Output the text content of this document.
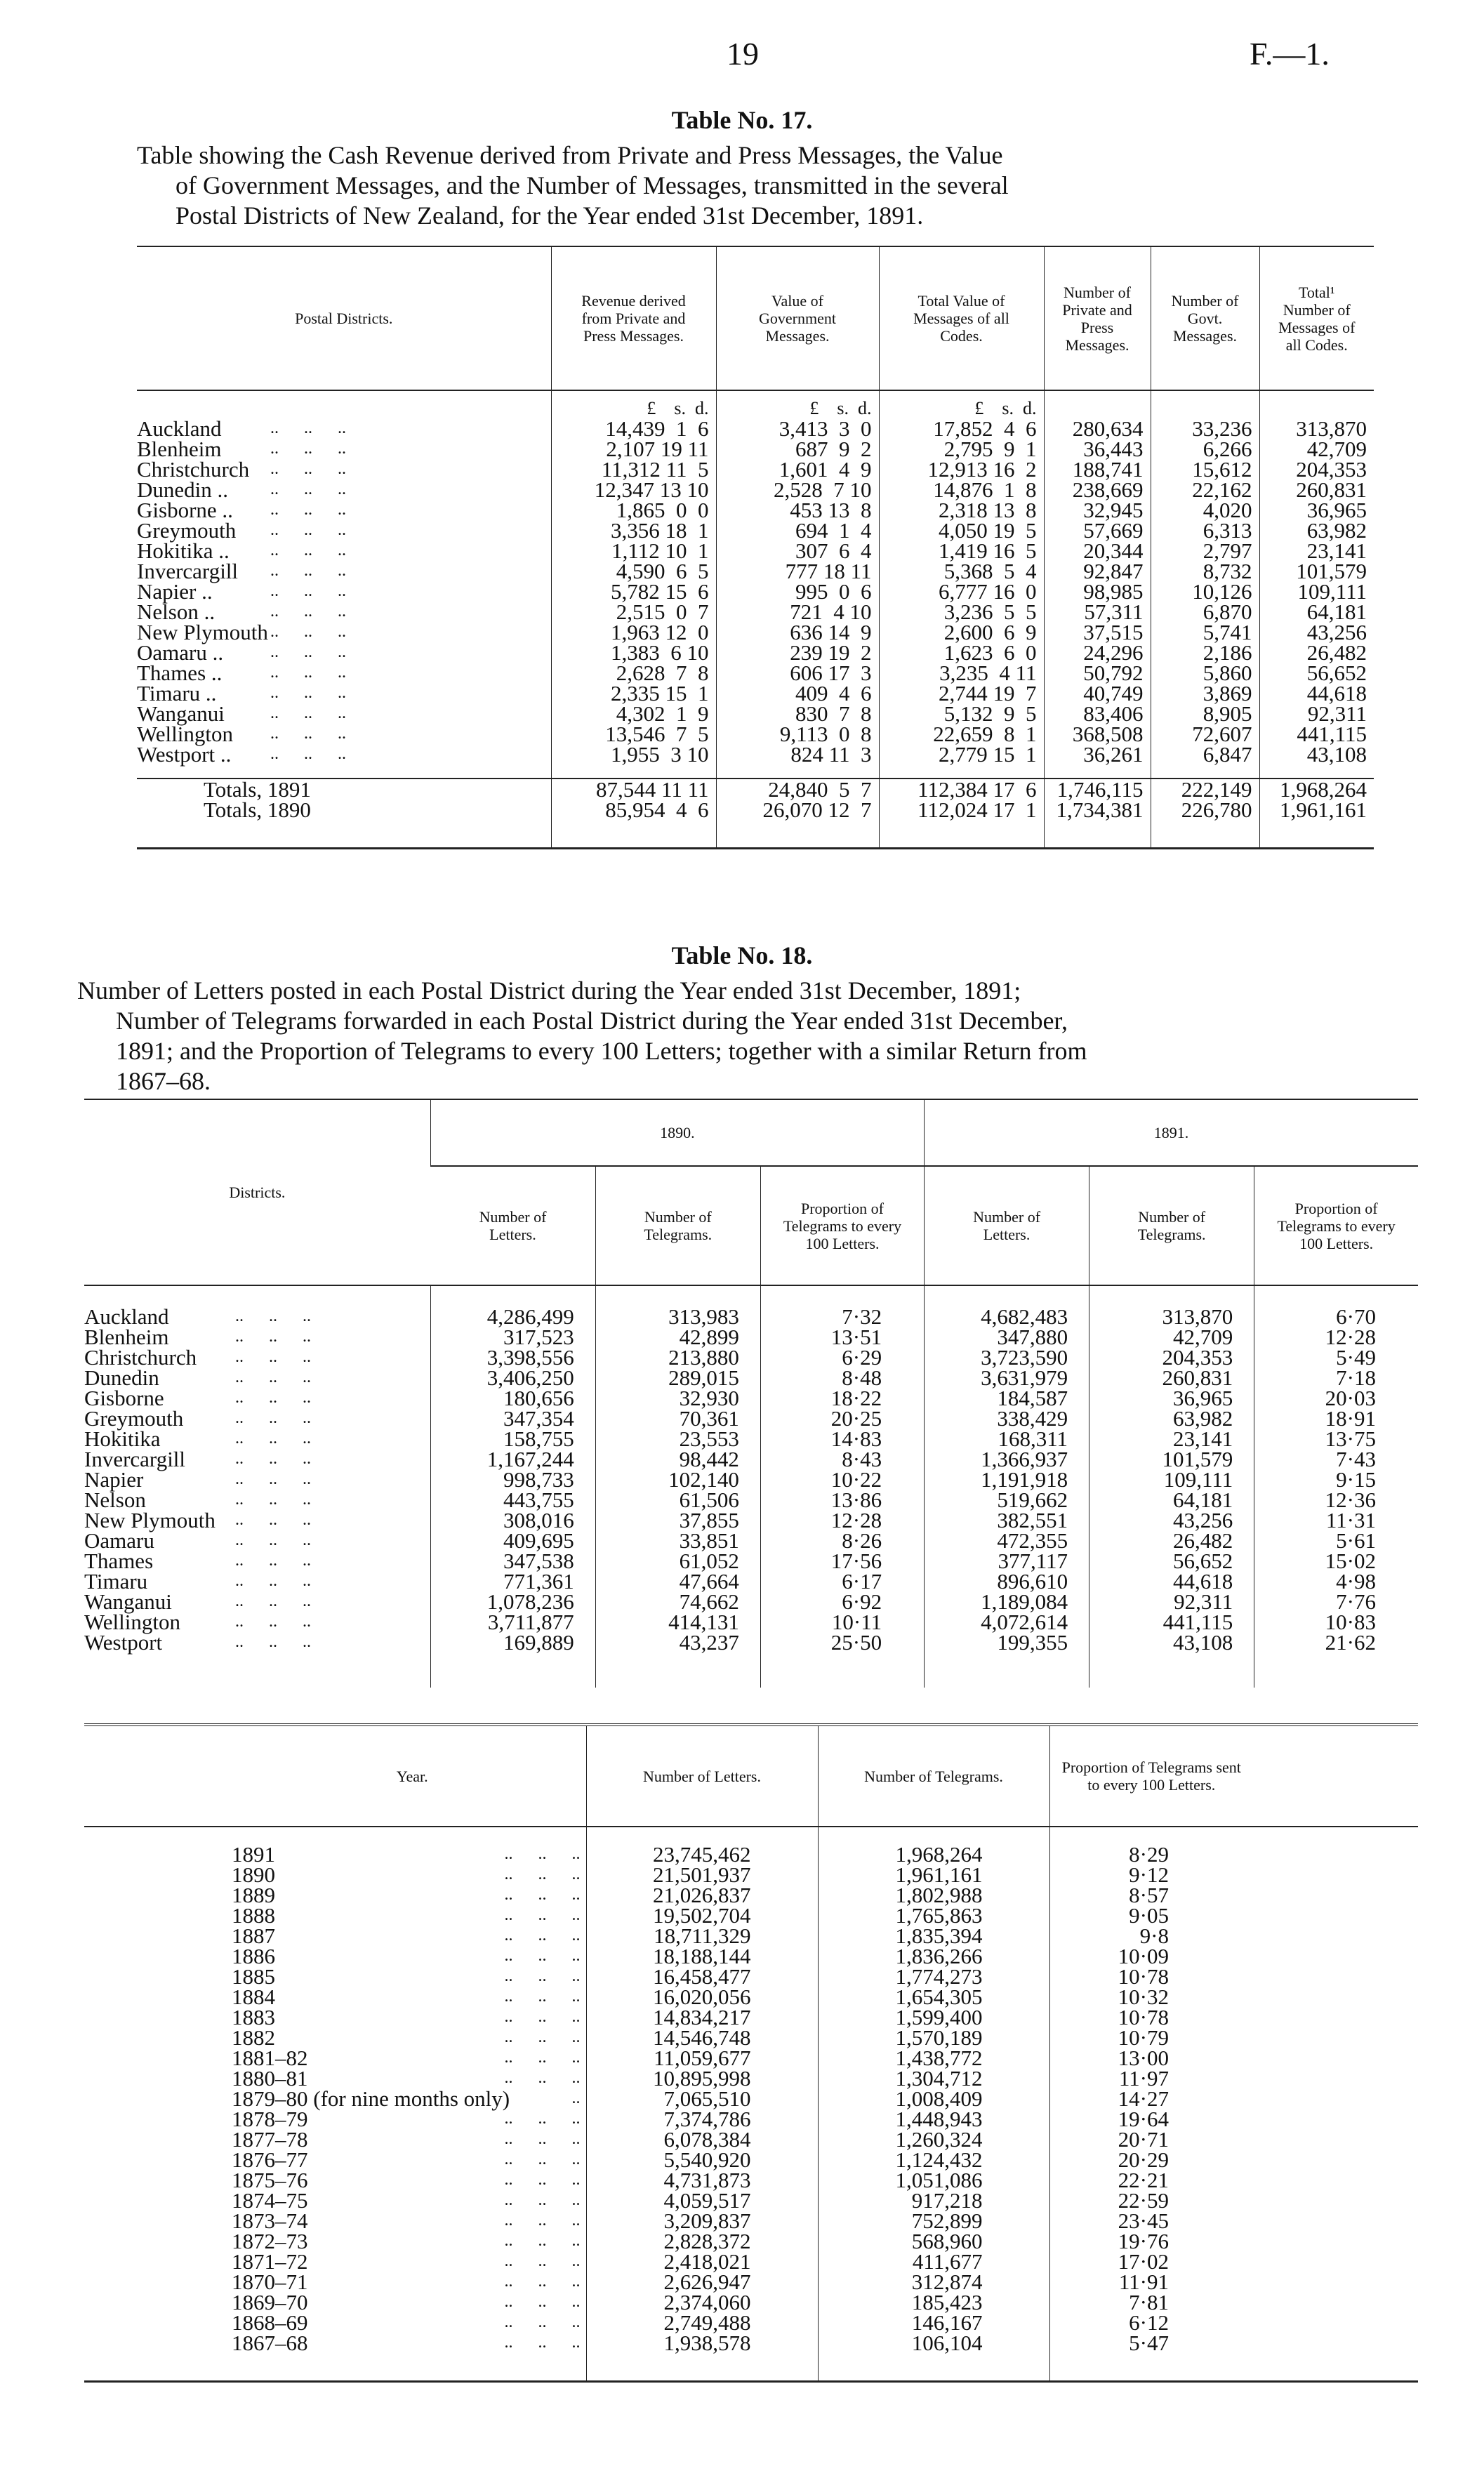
19	F.—1.
Table No. 17.
Table showing the Cash Revenue derived from Private and Press Messages, the Value
of Government Messages, and the Number of Messages, transmitted in the several
Postal Districts of New Zealand, for the Year ended 31st December, 1891.
Postal Districts.	Revenue derived from Private and Press Messages.	Value of Government Messages.	Total Value of Messages of all Codes.	Number of Private and Press Messages.	Number of Govt. Messages.	Total¹ Number of Messages of all Codes.
	£    s.  d.	£    s.  d.	£    s.  d.			
Auckland ..      ..      ..	14,439  1  6	3,413  3  0	17,852  4  6	280,634	33,236	313,870
Blenheim ..      ..      ..	2,107 19 11	687  9  2	2,795  9  1	36,443	6,266	42,709
Christchurch ..      ..      ..	11,312 11  5	1,601  4  9	12,913 16  2	188,741	15,612	204,353
Dunedin .. ..      ..      ..	12,347 13 10	2,528  7 10	14,876  1  8	238,669	22,162	260,831
Gisborne .. ..      ..      ..	1,865  0  0	453 13  8	2,318 13  8	32,945	4,020	36,965
Greymouth ..      ..      ..	3,356 18  1	694  1  4	4,050 19  5	57,669	6,313	63,982
Hokitika .. ..      ..      ..	1,112 10  1	307  6  4	1,419 16  5	20,344	2,797	23,141
Invercargill ..      ..      ..	4,590  6  5	777 18 11	5,368  5  4	92,847	8,732	101,579
Napier .. ..      ..      ..	5,782 15  6	995  0  6	6,777 16  0	98,985	10,126	109,111
Nelson .. ..      ..      ..	2,515  0  7	721  4 10	3,236  5  5	57,311	6,870	64,181
New Plymouth ..      ..      ..	1,963 12  0	636 14  9	2,600  6  9	37,515	5,741	43,256
Oamaru .. ..      ..      ..	1,383  6 10	239 19  2	1,623  6  0	24,296	2,186	26,482
Thames .. ..      ..      ..	2,628  7  8	606 17  3	3,235  4 11	50,792	5,860	56,652
Timaru .. ..      ..      ..	2,335 15  1	409  4  6	2,744 19  7	40,749	3,869	44,618
Wanganui ..      ..      ..	4,302  1  9	830  7  8	5,132  9  5	83,406	8,905	92,311
Wellington ..      ..      ..	13,546  7  5	9,113  0  8	22,659  8  1	368,508	72,607	441,115
Westport .. ..      ..      ..	1,955  3 10	824 11  3	2,779 15  1	36,261	6,847	43,108

Totals, 1891	87,544 11 11	24,840  5  7	112,384 17  6	1,746,115	222,149	1,968,264
Totals, 1890	85,954  4  6	26,070 12  7	112,024 17  1	1,734,381	226,780	1,961,161

Table No. 18.
Number of Letters posted in each Postal District during the Year ended 31st December, 1891;
Number of Telegrams forwarded in each Postal District during the Year ended 31st December,
1891; and the Proportion of Telegrams to every 100 Letters; together with a similar Return from
1867–68.
Districts.	1890.			1891.		
	Number of Letters.	Number of Telegrams.	Proportion of Telegrams to every 100 Letters.	Number of Letters.	Number of Telegrams.	Proportion of Telegrams to every 100 Letters.

Auckland ..      ..      ..	4,286,499	313,983	7·32	4,682,483	313,870	6·70
Blenheim ..      ..      ..	317,523	42,899	13·51	347,880	42,709	12·28
Christchurch ..      ..      ..	3,398,556	213,880	6·29	3,723,590	204,353	5·49
Dunedin ..      ..      ..	3,406,250	289,015	8·48	3,631,979	260,831	7·18
Gisborne ..      ..      ..	180,656	32,930	18·22	184,587	36,965	20·03
Greymouth ..      ..      ..	347,354	70,361	20·25	338,429	63,982	18·91
Hokitika ..      ..      ..	158,755	23,553	14·83	168,311	23,141	13·75
Invercargill ..      ..      ..	1,167,244	98,442	8·43	1,366,937	101,579	7·43
Napier ..      ..      ..	998,733	102,140	10·22	1,191,918	109,111	9·15
Nelson ..      ..      ..	443,755	61,506	13·86	519,662	64,181	12·36
New Plymouth ..      ..      ..	308,016	37,855	12·28	382,551	43,256	11·31
Oamaru ..      ..      ..	409,695	33,851	8·26	472,355	26,482	5·61
Thames ..      ..      ..	347,538	61,052	17·56	377,117	56,652	15·02
Timaru ..      ..      ..	771,361	47,664	6·17	896,610	44,618	4·98
Wanganui ..      ..      ..	1,078,236	74,662	6·92	1,189,084	92,311	7·76
Wellington ..      ..      ..	3,711,877	414,131	10·11	4,072,614	441,115	10·83
Westport ..      ..      ..	169,889	43,237	25·50	199,355	43,108	21·62

Year.	Number of Letters.	Number of Telegrams.	Proportion of Telegrams sent to every 100 Letters.	

1891 ..      ..      ..	23,745,462	1,968,264	8·29	
1890 ..      ..      ..	21,501,937	1,961,161	9·12	
1889 ..      ..      ..	21,026,837	1,802,988	8·57	
1888 ..      ..      ..	19,502,704	1,765,863	9·05	
1887 ..      ..      ..	18,711,329	1,835,394	9·8	
1886 ..      ..      ..	18,188,144	1,836,266	10·09	
1885 ..      ..      ..	16,458,477	1,774,273	10·78	
1884 ..      ..      ..	16,020,056	1,654,305	10·32	
1883 ..      ..      ..	14,834,217	1,599,400	10·78	
1882 ..      ..      ..	14,546,748	1,570,189	10·79	
1881–82 ..      ..      ..	11,059,677	1,438,772	13·00	
1880–81 ..      ..      ..	10,895,998	1,304,712	11·97	
1879–80 (for nine months only) ..	7,065,510	1,008,409	14·27	
1878–79 ..      ..      ..	7,374,786	1,448,943	19·64	
1877–78 ..      ..      ..	6,078,384	1,260,324	20·71	
1876–77 ..      ..      ..	5,540,920	1,124,432	20·29	
1875–76 ..      ..      ..	4,731,873	1,051,086	22·21	
1874–75 ..      ..      ..	4,059,517	917,218	22·59	
1873–74 ..      ..      ..	3,209,837	752,899	23·45	
1872–73 ..      ..      ..	2,828,372	568,960	19·76	
1871–72 ..      ..      ..	2,418,021	411,677	17·02	
1870–71 ..      ..      ..	2,626,947	312,874	11·91	
1869–70 ..      ..      ..	2,374,060	185,423	7·81	
1868–69 ..      ..      ..	2,749,488	146,167	6·12	
1867–68 ..      ..      ..	1,938,578	106,104	5·47	
